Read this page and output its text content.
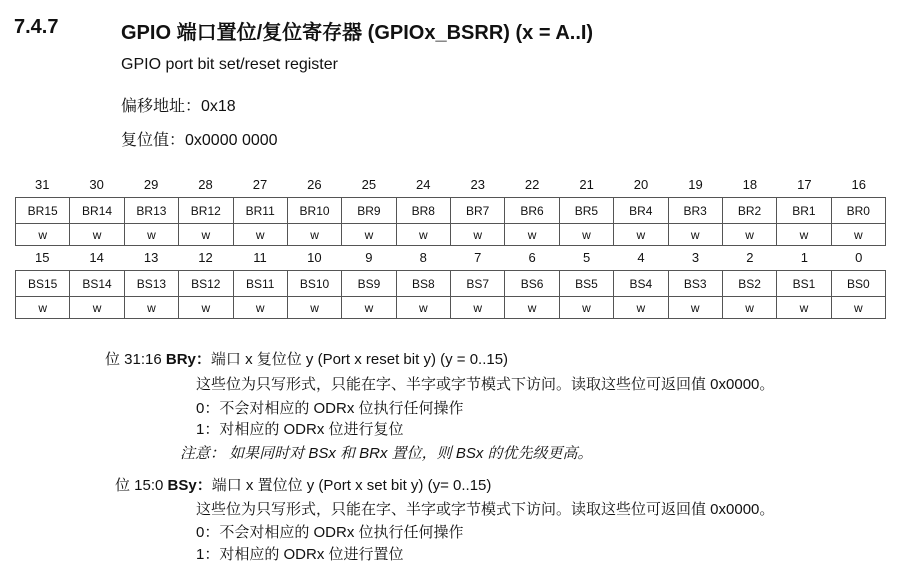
7.4.7	GPIO 端口置位/复位寄存器 (GPIOx_BSRR) (x = A..I)
GPIO port bit set/reset register
偏移地址：0x18
复位值：0x0000 0000
31	30	29	28	27	26	25	24	23	22	21	20	19	18	17	16
BR15	BR14	BR13	BR12	BR11	BR10	BR9	BR8	BR7	BR6	BR5	BR4	BR3	BR2	BR1	BR0
w	w	w	w	w	w	w	w	w	w	w	w	w	w	w	w
15	14	13	12	11	10	9	8	7	6	5	4	3	2	1	0
BS15	BS14	BS13	BS12	BS11	BS10	BS9	BS8	BS7	BS6	BS5	BS4	BS3	BS2	BS1	BS0
w	w	w	w	w	w	w	w	w	w	w	w	w	w	w	w
位 31:16 BRy：端口 x 复位位 y (Port x reset bit y) (y = 0..15)
这些位为只写形式，只能在字、半字或字节模式下访问。读取这些位可返回值 0x0000。
0：不会对相应的 ODRx 位执行任何操作
1：对相应的 ODRx 位进行复位
注意： 如果同时对 BSx 和 BRx 置位，则 BSx 的优先级更高。
位 15:0 BSy：端口 x 置位位 y (Port x set bit y) (y= 0..15)
这些位为只写形式，只能在字、半字或字节模式下访问。读取这些位可返回值 0x0000。
0：不会对相应的 ODRx 位执行任何操作
1：对相应的 ODRx 位进行置位
